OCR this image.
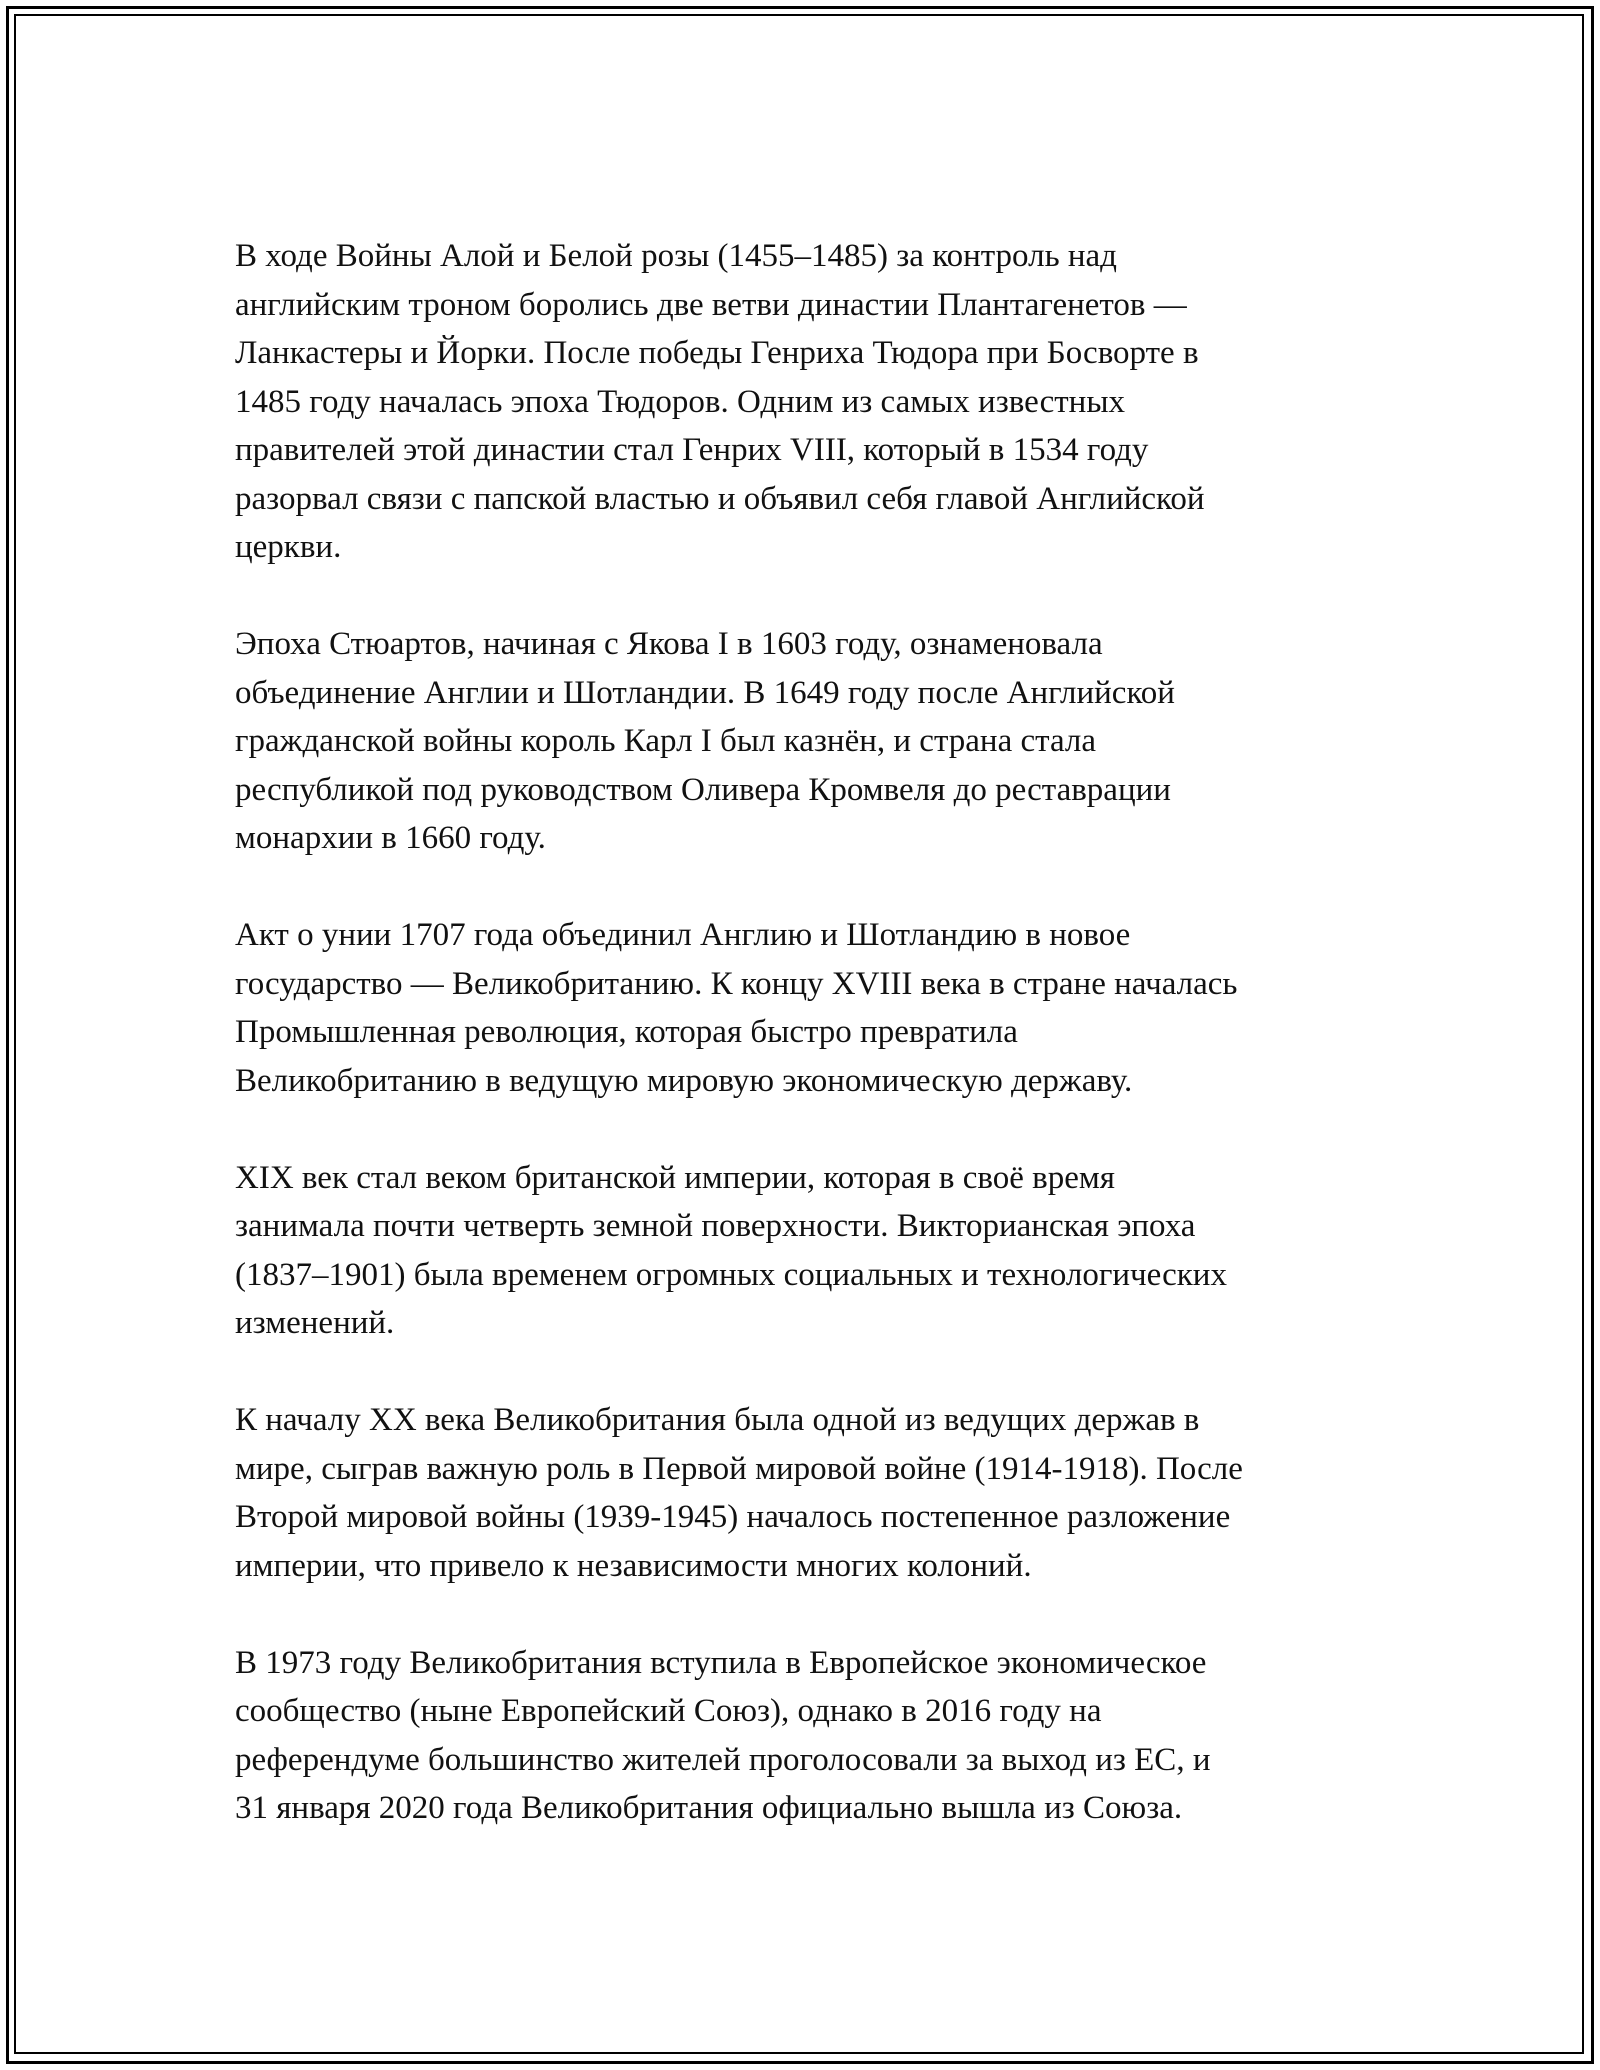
В ходе Войны Алой и Белой розы (1455–1485) за контроль над
английским троном боролись две ветви династии Плантагенетов —
Ланкастеры и Йорки. После победы Генриха Тюдора при Босворте в
1485 году началась эпоха Тюдоров. Одним из самых известных
правителей этой династии стал Генрих VIII, который в 1534 году
разорвал связи с папской властью и объявил себя главой Английской
церкви.

Эпоха Стюартов, начиная с Якова I в 1603 году, ознаменовала
объединение Англии и Шотландии. В 1649 году после Английской
гражданской войны король Карл I был казнён, и страна стала
республикой под руководством Оливера Кромвеля до реставрации
монархии в 1660 году.

Акт о унии 1707 года объединил Англию и Шотландию в новое
государство — Великобританию. К концу XVIII века в стране началась
Промышленная революция, которая быстро превратила
Великобританию в ведущую мировую экономическую державу.

XIX век стал веком британской империи, которая в своё время
занимала почти четверть земной поверхности. Викторианская эпоха
(1837–1901) была временем огромных социальных и технологических
изменений.

К началу XX века Великобритания была одной из ведущих держав в
мире, сыграв важную роль в Первой мировой войне (1914-1918). После
Второй мировой войны (1939-1945) началось постепенное разложение
империи, что привело к независимости многих колоний.

В 1973 году Великобритания вступила в Европейское экономическое
сообщество (ныне Европейский Союз), однако в 2016 году на
референдуме большинство жителей проголосовали за выход из ЕС, и
31 января 2020 года Великобритания официально вышла из Союза.
